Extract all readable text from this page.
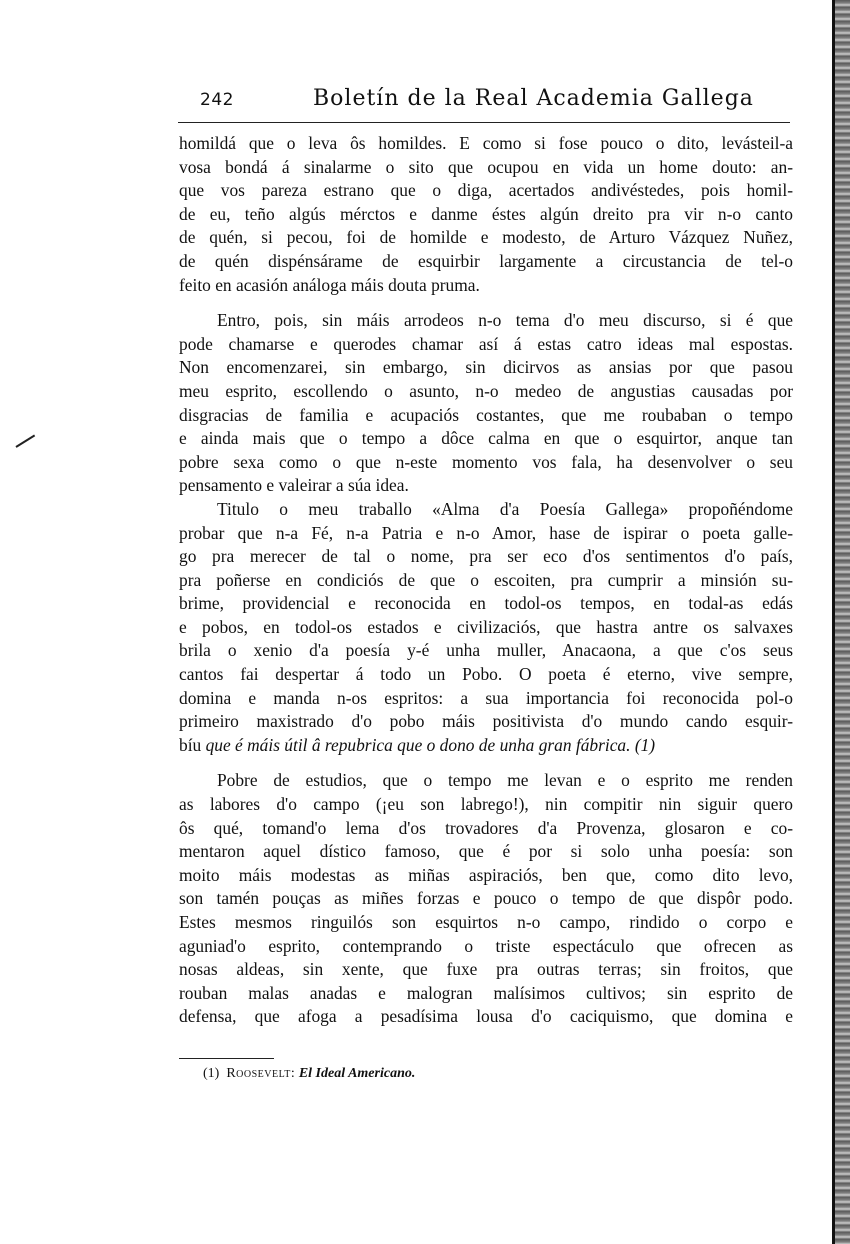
242	Boletín de la Real Academia Gallega
homildá que o leva ôs homildes. E como si fose pouco o dito, levásteil-a
vosa bondá á sinalarme o sito que ocupou en vida un home douto: an-
que vos pareza estrano que o diga, acertados andivéstedes, pois homil-
de eu, teño algús mérctos e danme éstes algún dreito pra vir n-o canto
de quén, si pecou, foi de homilde e modesto, de Arturo Vázquez Nuñez,
de quén dispénsárame de esquirbir largamente a circustancia de tel-o
feito en acasión análoga máis douta pruma.
Entro, pois, sin máis arrodeos n-o tema d'o meu discurso, si é que
pode chamarse e querodes chamar así á estas catro ideas mal espostas.
Non encomenzarei, sin embargo, sin dicirvos as ansias por que pasou
meu esprito, escollendo o asunto, n-o medeo de angustias causadas por
disgracias de familia e acupaciós costantes, que me roubaban o tempo
e ainda mais que o tempo a dôce calma en que o esquirtor, anque tan
pobre sexa como o que n-este momento vos fala, ha desenvolver o seu
pensamento e valeirar a súa idea.
Titulo o meu traballo «Alma d'a Poesía Gallega» propoñéndome
probar que n-a Fé, n-a Patria e n-o Amor, hase de ispirar o poeta galle-
go pra merecer de tal o nome, pra ser eco d'os sentimentos d'o país,
pra poñerse en condiciós de que o escoiten, pra cumprir a minsión su-
brime, providencial e reconocida en todol-os tempos, en todal-as edás
e pobos, en todol-os estados e civilizaciós, que hastra antre os salvaxes
brila o xenio d'a poesía y-é unha muller, Anacaona, a que c'os seus
cantos fai despertar á todo un Pobo. O poeta é eterno, vive sempre,
domina e manda n-os espritos: a sua importancia foi reconocida pol-o
primeiro maxistrado d'o pobo máis positivista d'o mundo cando esquir-
bíu que é máis útil â repubrica que o dono de unha gran fábrica. (1)
Pobre de estudios, que o tempo me levan e o esprito me renden
as labores d'o campo (¡eu son labrego!), nin compitir nin siguir quero
ôs qué, tomand'o lema d'os trovadores d'a Provenza, glosaron e co-
mentaron aquel dístico famoso, que é por si solo unha poesía: son
moito máis modestas as miñas aspiraciós, ben que, como dito levo,
son tamén pouças as miñes forzas e pouco o tempo de que dispôr podo.
Estes mesmos ringuilós son esquirtos n-o campo, rindido o corpo e
aguniad'o esprito, contemprando o triste espectáculo que ofrecen as
nosas aldeas, sin xente, que fuxe pra outras terras; sin froitos, que
rouban malas anadas e malogran malísimos cultivos; sin esprito de
defensa, que afoga a pesadísima lousa d'o caciquismo, que domina e
(1) Roosevelt: El Ideal Americano.
